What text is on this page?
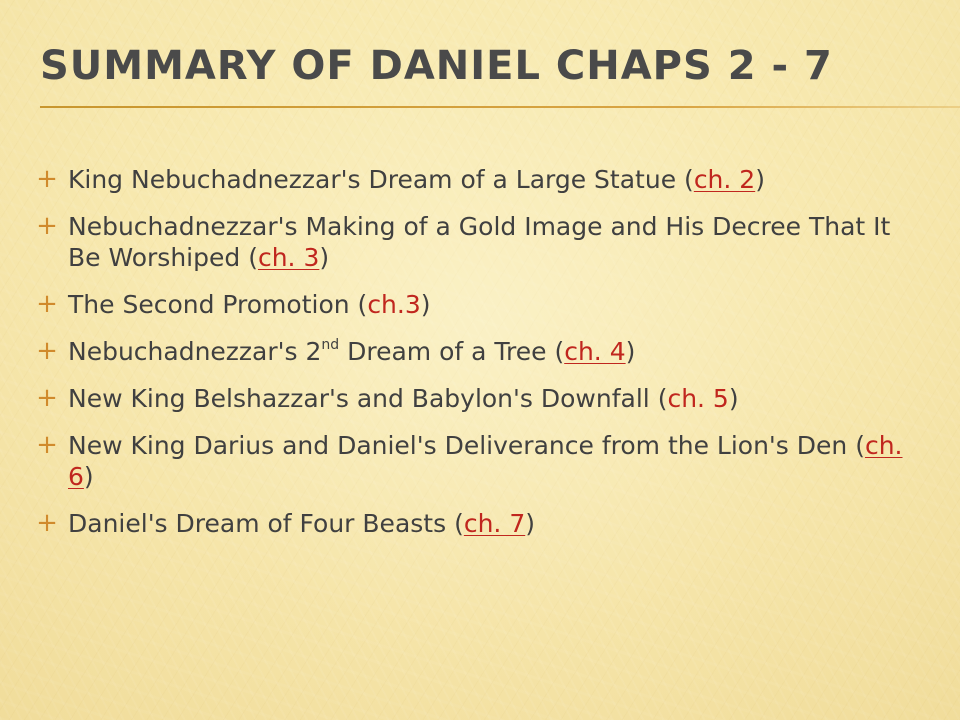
SUMMARY OF DANIEL CHAPS 2 - 7
+ King Nebuchadnezzar's Dream of a Large Statue (ch. 2)
+ Nebuchadnezzar's Making of a Gold Image and His Decree That It Be Worshiped (ch. 3)
+ The Second Promotion (ch.3)
+ Nebuchadnezzar's 2nd Dream of a Tree (ch. 4)
+ New King Belshazzar's and Babylon's Downfall (ch. 5)
+ New King Darius and Daniel's Deliverance from the Lion's Den (ch. 6)
+ Daniel's Dream of Four Beasts (ch. 7)
